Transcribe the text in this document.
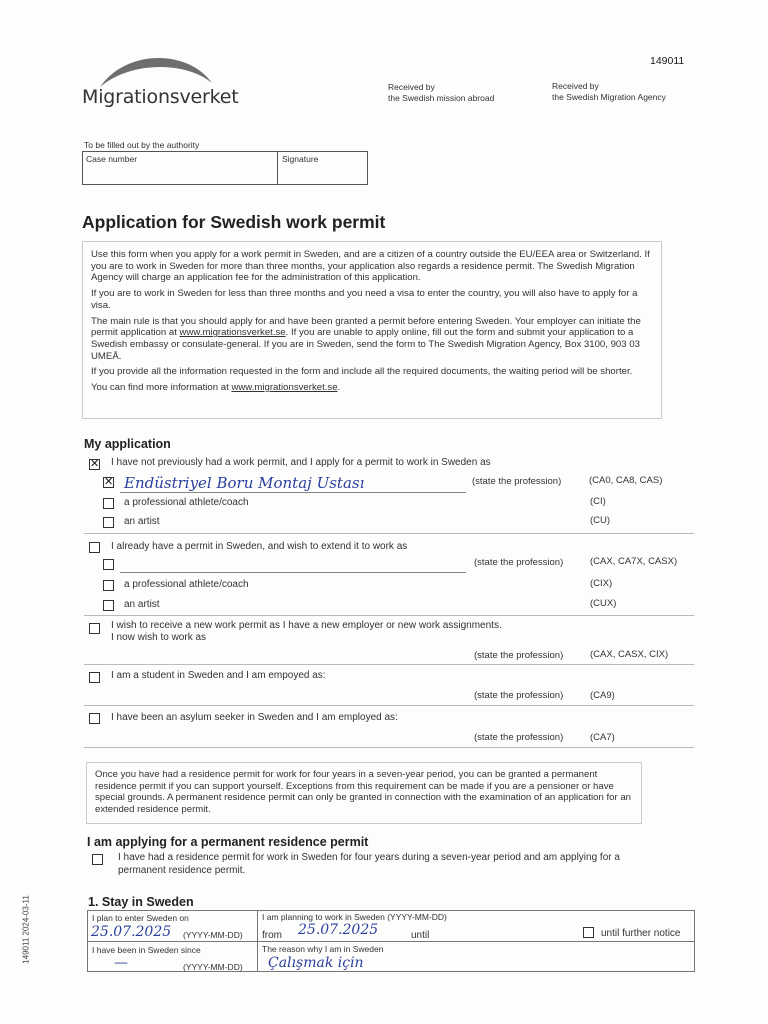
149011
Migrationsverket	Received by
the Swedish mission abroad
Received by
the Swedish Migration Agency
To be filled out by the authority
Case number	Signature
Application for Swedish work permit

Use this form when you apply for a work permit in Sweden, and are a citizen of a country outside the EU/EEA area or Switzerland. If you are to work in Sweden for more than three months, your application also regards a residence permit. The Swedish Migration Agency will charge an application fee for the administration of this application.

If you are to work in Sweden for less than three months and you need a visa to enter the country, you will also have to apply for a visa.

The main rule is that you should apply for and have been granted a permit before entering Sweden. Your employer can initiate the permit application at www.migrationsverket.se. If you are unable to apply online, fill out the form and submit your application to a Swedish embassy or consulate-general. If you are in Sweden, send the form to The Swedish Migration Agency, Box 3100, 903 03 UMEÅ.

If you provide all the information requested in the form and include all the required documents, the waiting period will be shorter.

You can find more information at www.migrationsverket.se.

My application
✕
I have not previously had a work permit, and I apply for a permit to work in Sweden as
✕
Endüstriyel Boru Montaj Ustası	(state the profession)	(CA0, CA8, CAS)
a professional athlete/coach	(CI)
an artist	(CU)
I already have a permit in Sweden, and wish to extend it to work as
(state the profession)	(CAX, CA7X, CASX)
a professional athlete/coach	(CIX)
an artist	(CUX)
I wish to receive a new work permit as I have a new employer or new work assignments.
I now wish to work as
(state the profession)	(CAX, CASX, CIX)
I am a student in Sweden and I am empoyed as:
(state the profession)	(CA9)
I have been an asylum seeker in Sweden and I am employed as:
(state the profession)	(CA7)
Once you have had a residence permit for work for four years in a seven-year period, you can be granted a permanent residence permit if you can support yourself. Exceptions from this requirement can be made if you are a pensioner or have special grounds. A permanent residence permit can only be granted in connection with the examination of an application for an extended residence permit.
I am applying for a permanent residence permit
I have had a residence permit for work in Sweden for four years during a seven-year period and am applying for a permanent residence permit.
1. Stay in Sweden
I plan to enter Sweden on
25.07.2025 (YYYY-MM-DD)
I am planning to work in Sweden (YYYY-MM-DD)
from 25.07.2025	until	until further notice
I have been in Sweden since
—	(YYYY-MM-DD)
The reason why I am in Sweden
Çalışmak için
149011 2024-03-11
